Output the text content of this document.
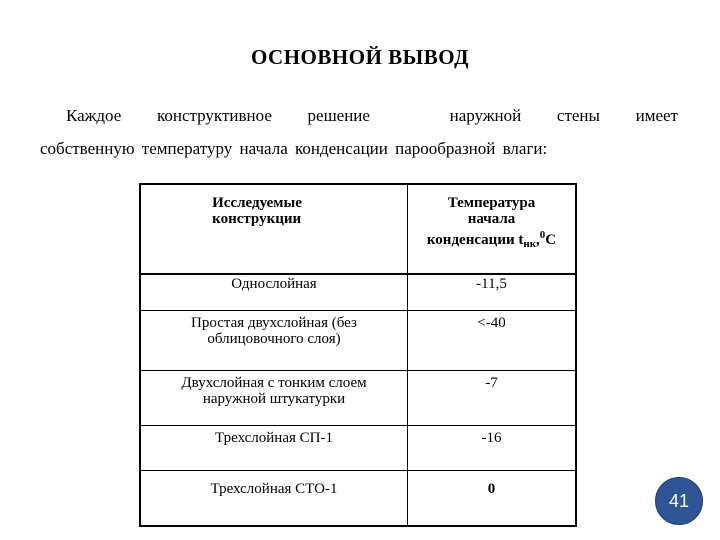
ОСНОВНОЙ ВЫВОД
Каждое конструктивное решение	наружной стены имеет
собственную температуру начала конденсации парообразной влаги:
Исследуемые
конструкции	Температура
начала
конденсации $t_{нк},^0С$
Однослойная	-11,5
Простая двухслойная (без
облицовочного слоя)	<-40
Двухслойная с тонким слоем
наружной штукатурки	-7
Трехслойная СП-1	-16
Трехслойная СТО-1	0
41
